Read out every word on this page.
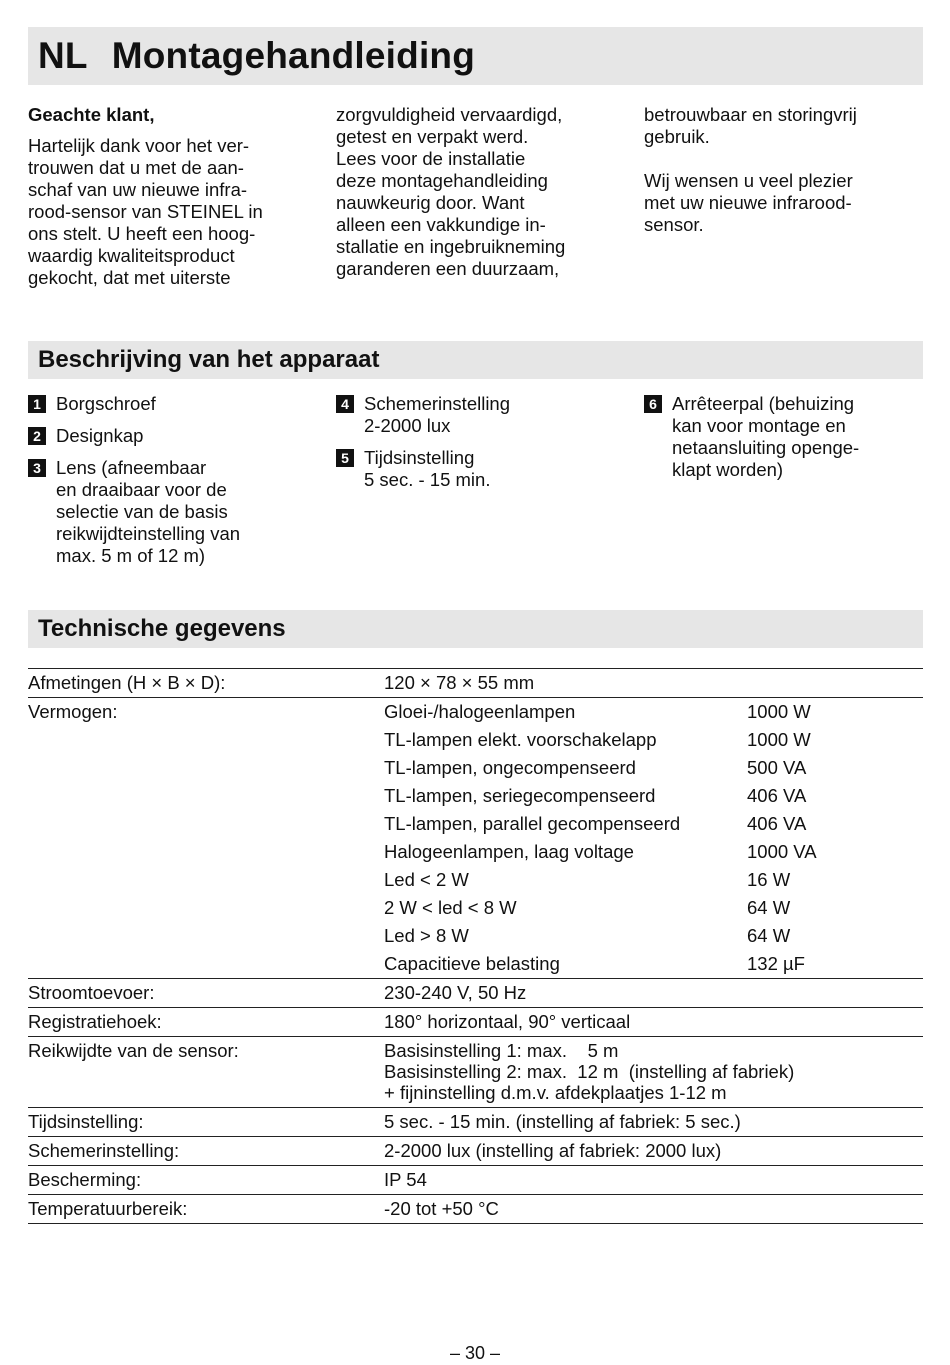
NL Montagehandleiding

Geachte klant,

Hartelijk dank voor het ver-
trouwen dat u met de aan-
schaf van uw nieuwe infra-
rood-sensor van STEINEL in
ons stelt. U heeft een hoog-
waardig kwaliteitsproduct
gekocht, dat met uiterste

zorgvuldigheid vervaardigd,
getest en verpakt werd.
Lees voor de installatie
deze montagehandleiding
nauwkeurig door. Want
alleen een vakkundige in-
stallatie en ingebruikneming
garanderen een duurzaam,

betrouwbaar en storingvrij
gebruik.

Wij wensen u veel plezier
met uw nieuwe infrarood-
sensor.

Beschrijving van het apparaat
1 Borgschroef
2 Designkap
3 Lens (afneembaar
en draaibaar voor de
selectie van de basis
reikwijdteinstelling van
max. 5 m of 12 m)
4 Schemerinstelling
2-2000 lux
5 Tijdsinstelling
5 sec. - 15 min.
6 Arrêteerpal (behuizing
kan voor montage en
netaansluiting openge-
klapt worden)
Technische gegevens
Afmetingen (H × B × D):	120 × 78 × 55 mm	
Vermogen:	Gloei-/halogeenlampen	1000 W
	TL-lampen elekt. voorschakelapp	1000 W
	TL-lampen, ongecompenseerd	500 VA
	TL-lampen, seriegecompenseerd	406 VA
	TL-lampen, parallel gecompenseerd	406 VA
	Halogeenlampen, laag voltage	1000 VA
	Led < 2 W	16 W
	2 W < led < 8 W	64 W
	Led > 8 W	64 W
	Capacitieve belasting	132 µF
Stroomtoevoer:	230-240 V, 50 Hz	
Registratiehoek:	180° horizontaal, 90° verticaal	
Reikwijdte van de sensor:	Basisinstelling 1: max.    5 m
Basisinstelling 2: max.  12 m  (instelling af fabriek)
+ fijninstelling d.m.v. afdekplaatjes 1-12 m	
Tijdsinstelling:	5 sec. - 15 min. (instelling af fabriek: 5 sec.)	
Schemerinstelling:	2-2000 lux (instelling af fabriek: 2000 lux)	
Bescherming:	IP 54	
Temperatuurbereik:	-20 tot +50 °C	
– 30 –
